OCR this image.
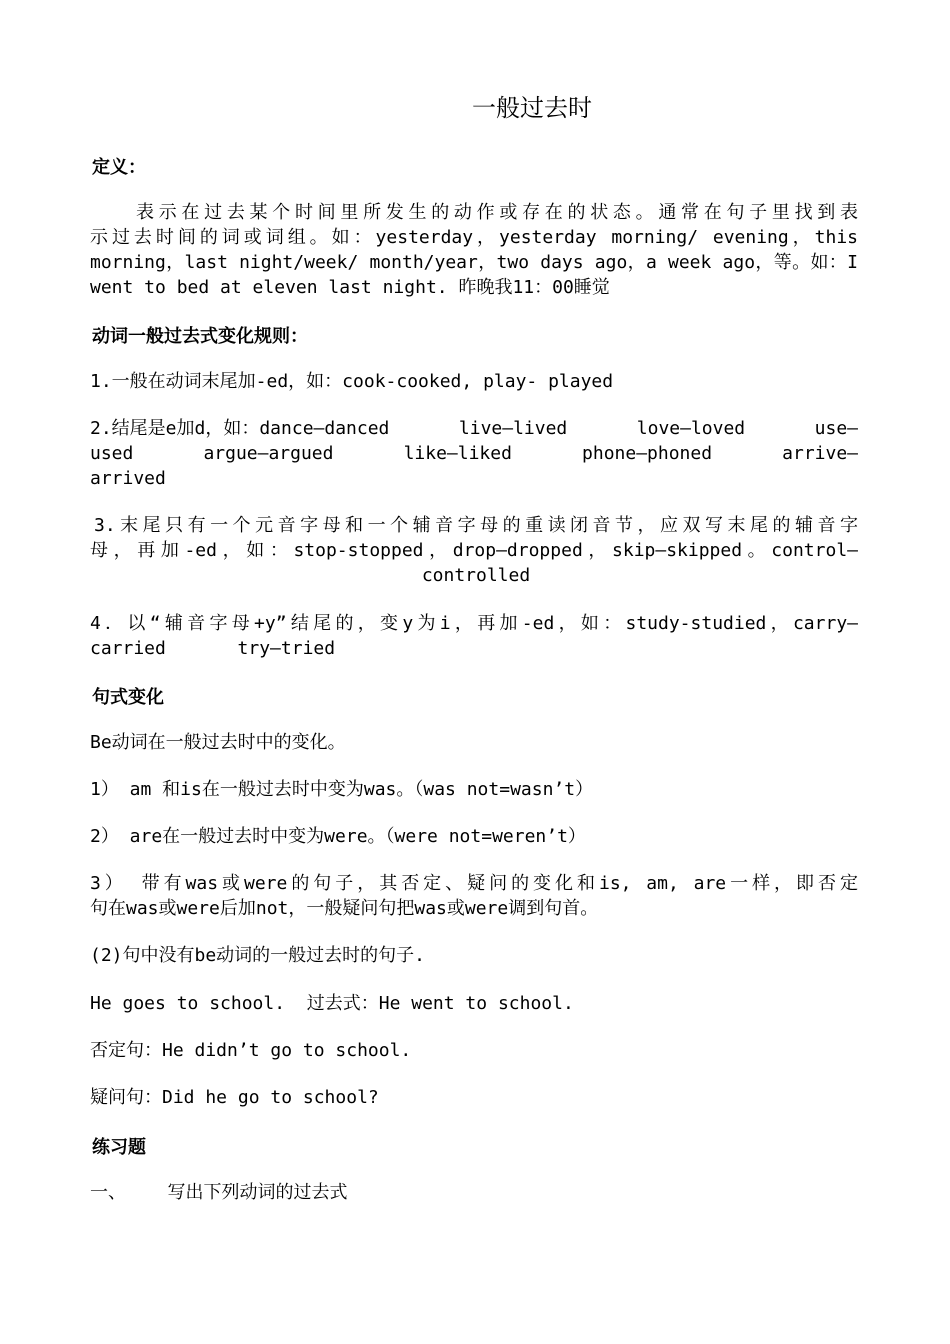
一般过去时
定义：
表示在过去某个时间里所发生的动作或存在的状态。通常在句子里找到表
示过去时间的词或词组。如：yesterday，yesterday morning/ evening，this
morning，last night/week/ month/year，two days ago，a week ago，等。如：I
went to bed at eleven last night. 昨晚我11：00睡觉
动词一般过去式变化规则：
1.一般在动词末尾加-ed，如：cook-cooked, play- played
2.结尾是e加d，如：dance—danced	live—lived	love—loved	use—
used	argue—argued	like—liked	phone—phoned	arrive—
arrived
3.末尾只有一个元音字母和一个辅音字母的重读闭音节，应双写末尾的辅音字
母，再加-ed，如：stop-stopped，drop—dropped，skip—skipped。control—
controlled
4．以“辅音字母+y”结尾的，变y为i，再加-ed，如：study-studied，carry—
carried	try—tried
句式变化
Be动词在一般过去时中的变化。
1） am 和is在一般过去时中变为was。（was not=wasn’t）
2） are在一般过去时中变为were。（were not=weren’t）
3） 带有was或were的句子，其否定、疑问的变化和is, am, are一样，即否定
句在was或were后加not，一般疑问句把was或were调到句首。
(2)句中没有be动词的一般过去时的句子.
He goes to school.  过去式：He went to school.
否定句：He didn’t go to school.
疑问句：Did he go to school?
练习题
一、 写出下列动词的过去式
